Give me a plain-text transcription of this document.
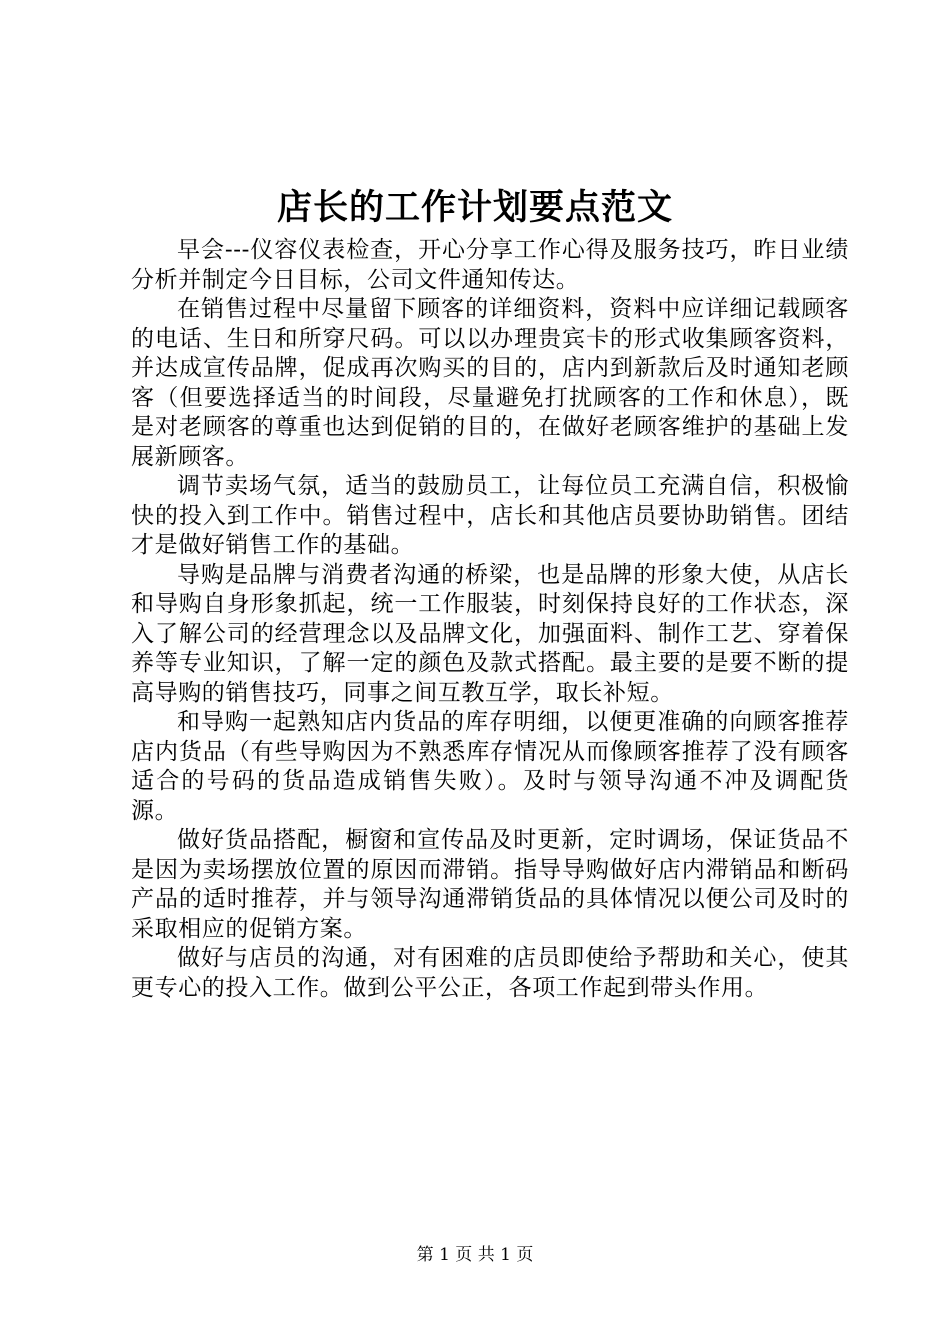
店长的工作计划要点范文

早会---仪容仪表检查，开心分享工作心得及服务技巧，昨日业绩分析并制定今日目标，公司文件通知传达。

在销售过程中尽量留下顾客的详细资料，资料中应详细记载顾客的电话、生日和所穿尺码。可以以办理贵宾卡的形式收集顾客资料，并达成宣传品牌，促成再次购买的目的，店内到新款后及时通知老顾客（但要选择适当的时间段，尽量避免打扰顾客的工作和休息），既是对老顾客的尊重也达到促销的目的，在做好老顾客维护的基础上发展新顾客。

调节卖场气氛，适当的鼓励员工，让每位员工充满自信，积极愉快的投入到工作中。销售过程中，店长和其他店员要协助销售。团结才是做好销售工作的基础。

导购是品牌与消费者沟通的桥梁，也是品牌的形象大使，从店长和导购自身形象抓起，统一工作服装，时刻保持良好的工作状态，深入了解公司的经营理念以及品牌文化，加强面料、制作工艺、穿着保养等专业知识，了解一定的颜色及款式搭配。最主要的是要不断的提高导购的销售技巧，同事之间互教互学，取长补短。

和导购一起熟知店内货品的库存明细，以便更准确的向顾客推荐店内货品（有些导购因为不熟悉库存情况从而像顾客推荐了没有顾客适合的号码的货品造成销售失败）。及时与领导沟通不冲及调配货源。

做好货品搭配，橱窗和宣传品及时更新，定时调场，保证货品不是因为卖场摆放位置的原因而滞销。指导导购做好店内滞销品和断码产品的适时推荐，并与领导沟通滞销货品的具体情况以便公司及时的采取相应的促销方案。

做好与店员的沟通，对有困难的店员即使给予帮助和关心，使其更专心的投入工作。做到公平公正，各项工作起到带头作用。

第 1 页 共 1 页
